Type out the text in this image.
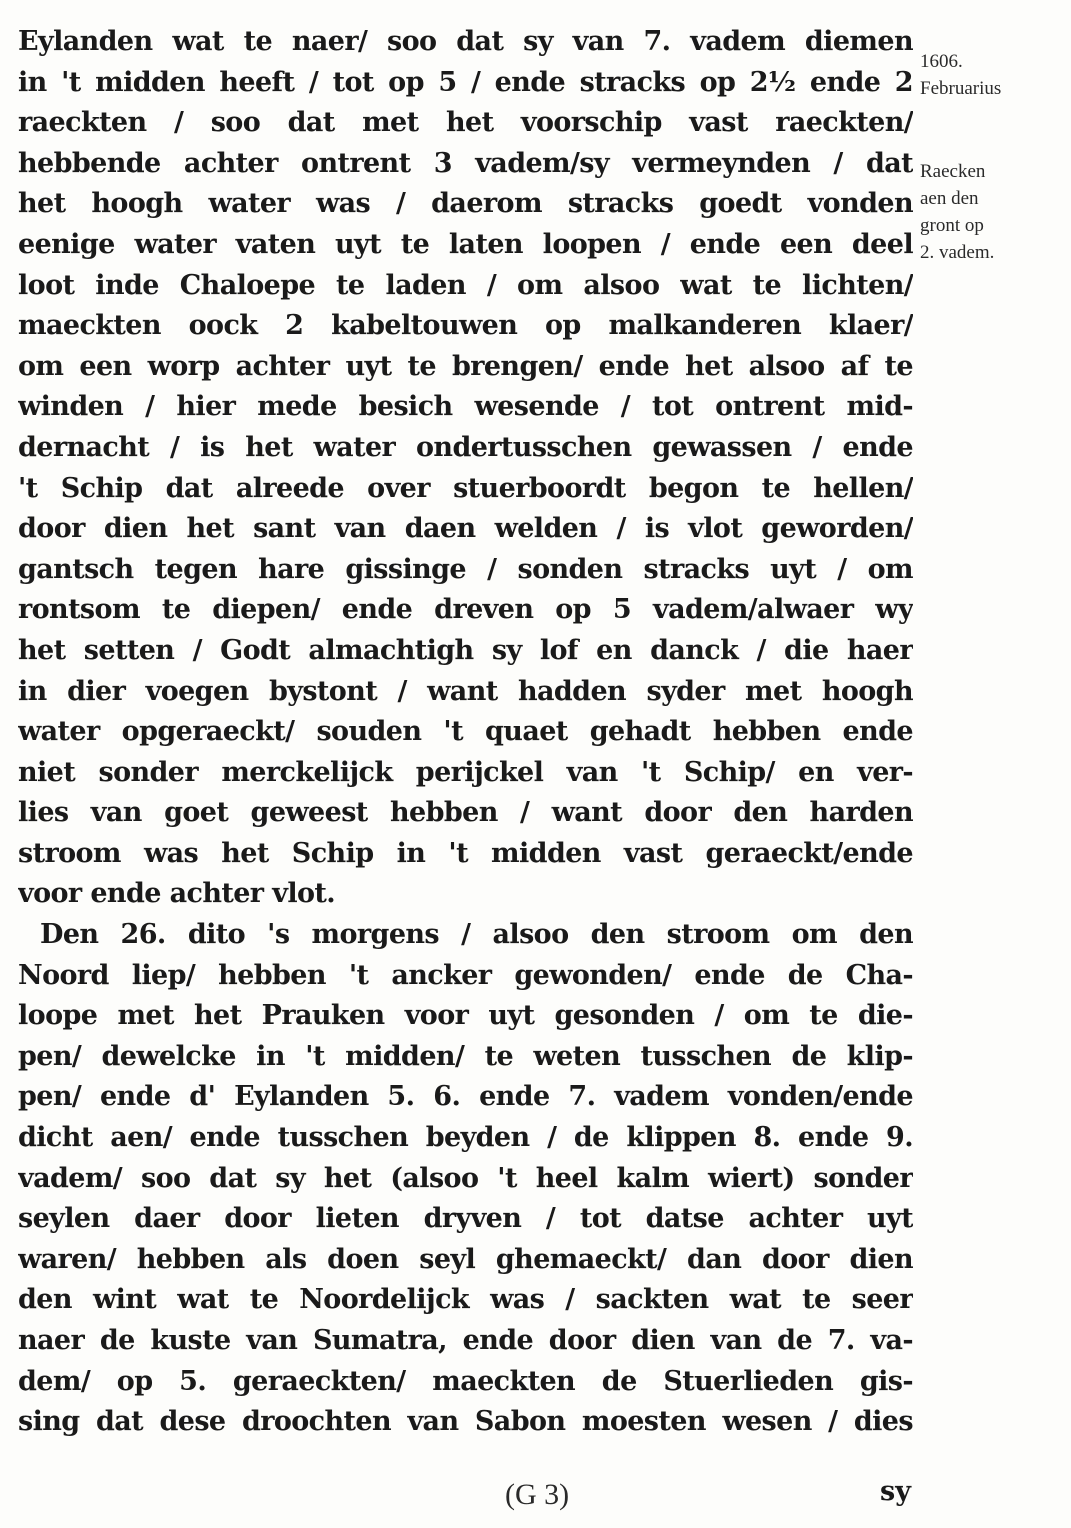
1606.
Februarius
Raecken
aen den
gront op
2. vadem.
Eylanden wat te naer/ soo dat sy van 7. vadem diemen
in 't midden heeft / tot op 5 / ende stracks op 2½ ende 2
raeckten / soo dat met het voorschip vast raeckten/
hebbende achter ontrent 3 vadem/sy vermeynden / dat
het hoogh water was / daerom stracks goedt vonden
eenige water vaten uyt te laten loopen / ende een deel
loot inde Chaloepe te laden / om alsoo wat te lichten/
maeckten oock 2 kabeltouwen op malkanderen klaer/
om een worp achter uyt te brengen/ ende het alsoo af te
winden / hier mede besich wesende / tot ontrent mid-
dernacht / is het water ondertusschen gewassen / ende
't Schip dat alreede over stuerboordt begon te hellen/
door dien het sant van daen welden / is vlot geworden/
gantsch tegen hare gissinge / sonden stracks uyt / om
rontsom te diepen/ ende dreven op 5 vadem/alwaer wy
het setten / Godt almachtigh sy lof en danck / die haer
in dier voegen bystont / want hadden syder met hoogh
water opgeraeckt/ souden 't quaet gehadt hebben ende
niet sonder merckelijck perijckel van 't Schip/ en ver-
lies van goet geweest hebben / want door den harden
stroom was het Schip in 't midden vast geraeckt/ende
voor ende achter vlot.
Den 26. dito 's morgens / alsoo den stroom om den
Noord liep/ hebben 't ancker gewonden/ ende de Cha-
loope met het Prauken voor uyt gesonden / om te die-
pen/ dewelcke in 't midden/ te weten tusschen de klip-
pen/ ende d' Eylanden 5. 6. ende 7. vadem vonden/ende
dicht aen/ ende tusschen beyden / de klippen 8. ende 9.
vadem/ soo dat sy het (alsoo 't heel kalm wiert) sonder
seylen daer door lieten dryven / tot datse achter uyt
waren/ hebben als doen seyl ghemaeckt/ dan door dien
den wint wat te Noordelijck was / sackten wat te seer
naer de kuste van Sumatra, ende door dien van de 7. va-
dem/ op 5. geraeckten/ maeckten de Stuerlieden gis-
sing dat dese droochten van Sabon moesten wesen / dies
(G 3)	sy
